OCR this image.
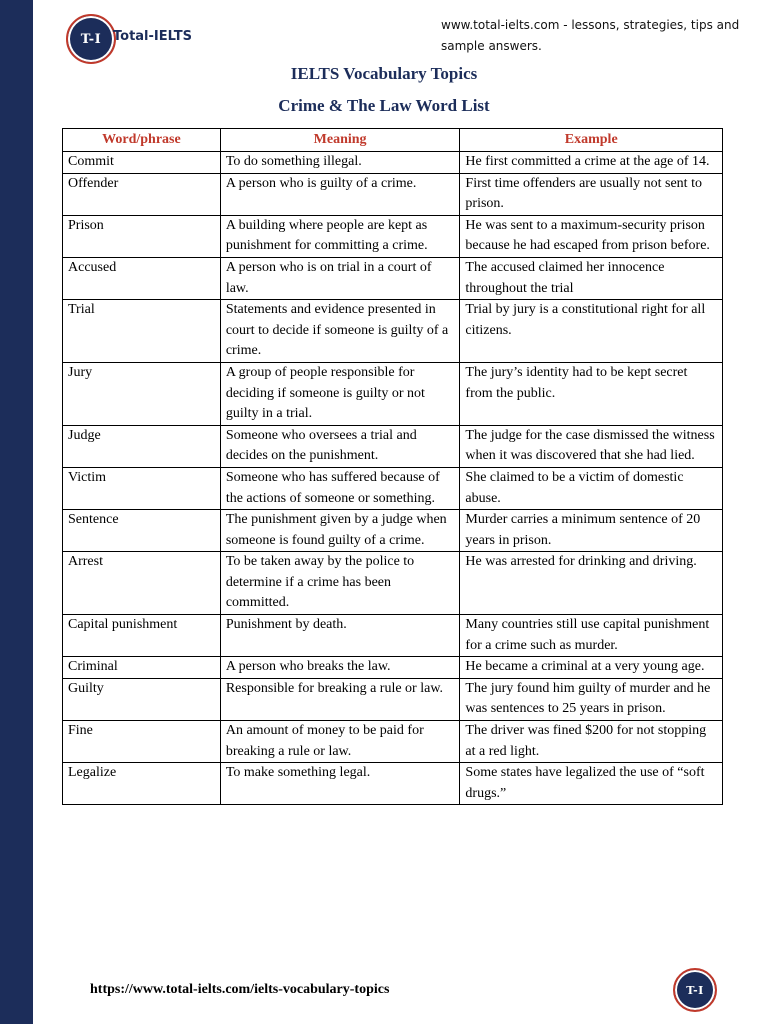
T-I Total-IELTS
www.total-ielts.com - lessons, strategies, tips and sample answers.
IELTS Vocabulary Topics
Crime & The Law Word List
Word/phrase	Meaning	Example
Commit	To do something illegal.	He first committed a crime at the age of 14.
Offender	A person who is guilty of a crime.	First time offenders are usually not sent to prison.
Prison	A building where people are kept as punishment for committing a crime.	He was sent to a maximum-security prison because he had escaped from prison before.
Accused	A person who is on trial in a court of law.	The accused claimed her innocence throughout the trial
Trial	Statements and evidence presented in court to decide if someone is guilty of a crime.	Trial by jury is a constitutional right for all citizens.
Jury	A group of people responsible for deciding if someone is guilty or not guilty in a trial.	The jury’s identity had to be kept secret from the public.
Judge	Someone who oversees a trial and decides on the punishment.	The judge for the case dismissed the witness when it was discovered that she had lied.
Victim	Someone who has suffered because of the actions of someone or something.	She claimed to be a victim of domestic abuse.
Sentence	The punishment given by a judge when someone is found guilty of a crime.	Murder carries a minimum sentence of 20 years in prison.
Arrest	To be taken away by the police to determine if a crime has been committed.	He was arrested for drinking and driving.
Capital punishment	Punishment by death.	Many countries still use capital punishment for a crime such as murder.
Criminal	A person who breaks the law.	He became a criminal at a very young age.
Guilty	Responsible for breaking a rule or law.	The jury found him guilty of murder and he was sentences to 25 years in prison.
Fine	An amount of money to be paid for breaking a rule or law.	The driver was fined $200 for not stopping at a red light.
Legalize	To make something legal.	Some states have legalized the use of “soft drugs.”
https://www.total-ielts.com/ielts-vocabulary-topics	T-I
